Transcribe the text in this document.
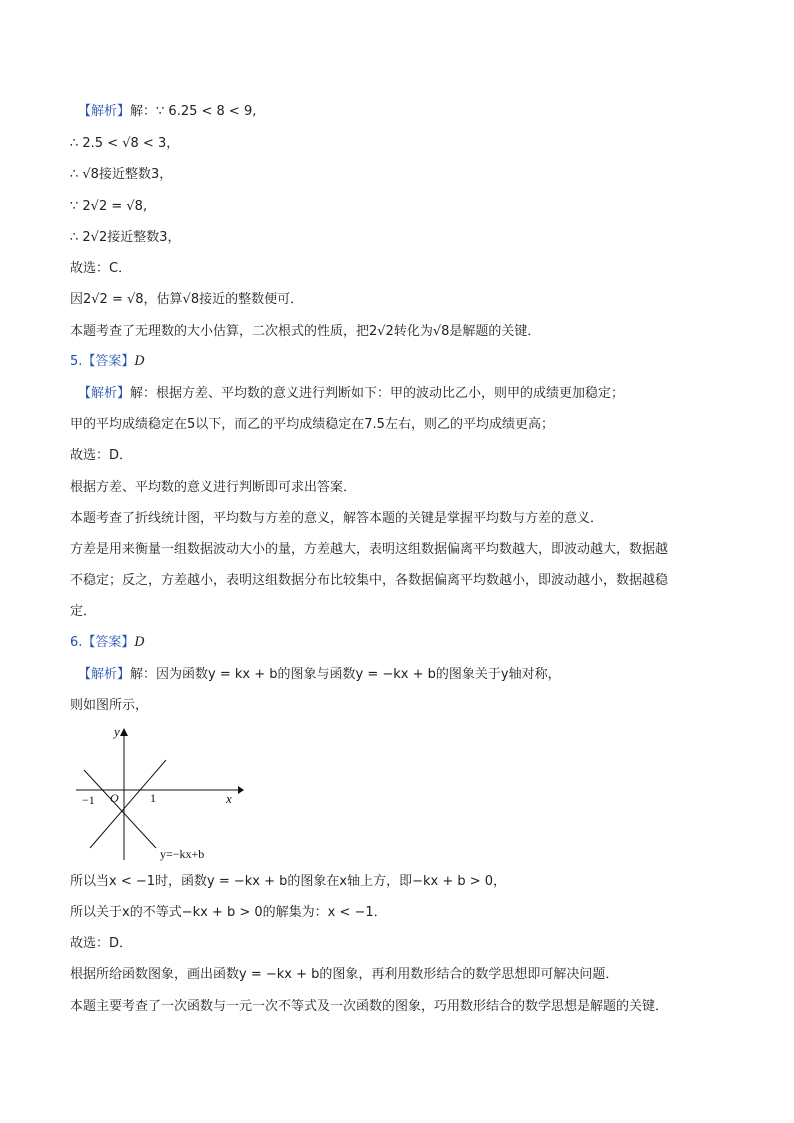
【解析】解：∵ 6.25 < 8 < 9,
∴ 2.5 < √8 < 3，
∴ √8接近整数3，
∵ 2√2 = √8,
∴ 2√2接近整数3，
故选：C．
因2√2 = √8，估算√8接近的整数便可．
本题考查了无理数的大小估算，二次根式的性质，把2√2转化为√8是解题的关键．
5.【答案】D
【解析】解：根据方差、平均数的意义进行判断如下：甲的波动比乙小，则甲的成绩更加稳定；
甲的平均成绩稳定在5以下，而乙的平均成绩稳定在7.5左右，则乙的平均成绩更高；
故选：D．
根据方差、平均数的意义进行判断即可求出答案．
本题考查了折线统计图，平均数与方差的意义，解答本题的关键是掌握平均数与方差的意义．
方差是用来衡量一组数据波动大小的量，方差越大，表明这组数据偏离平均数越大，即波动越大，数据越
不稳定；反之，方差越小，表明这组数据分布比较集中，各数据偏离平均数越小，即波动越小，数据越稳
定．
6.【答案】D
【解析】解：因为函数y = kx + b的图象与函数y = −kx + b的图象关于y轴对称，
则如图所示，
y
x
O
−1	1
y=−kx+b
所以当x < −1时，函数y = −kx + b的图象在x轴上方，即−kx + b > 0，
所以关于x的不等式−kx + b > 0的解集为：x < −1．
故选：D．
根据所给函数图象，画出函数y = −kx + b的图象，再利用数形结合的数学思想即可解决问题．
本题主要考查了一次函数与一元一次不等式及一次函数的图象，巧用数形结合的数学思想是解题的关键．
